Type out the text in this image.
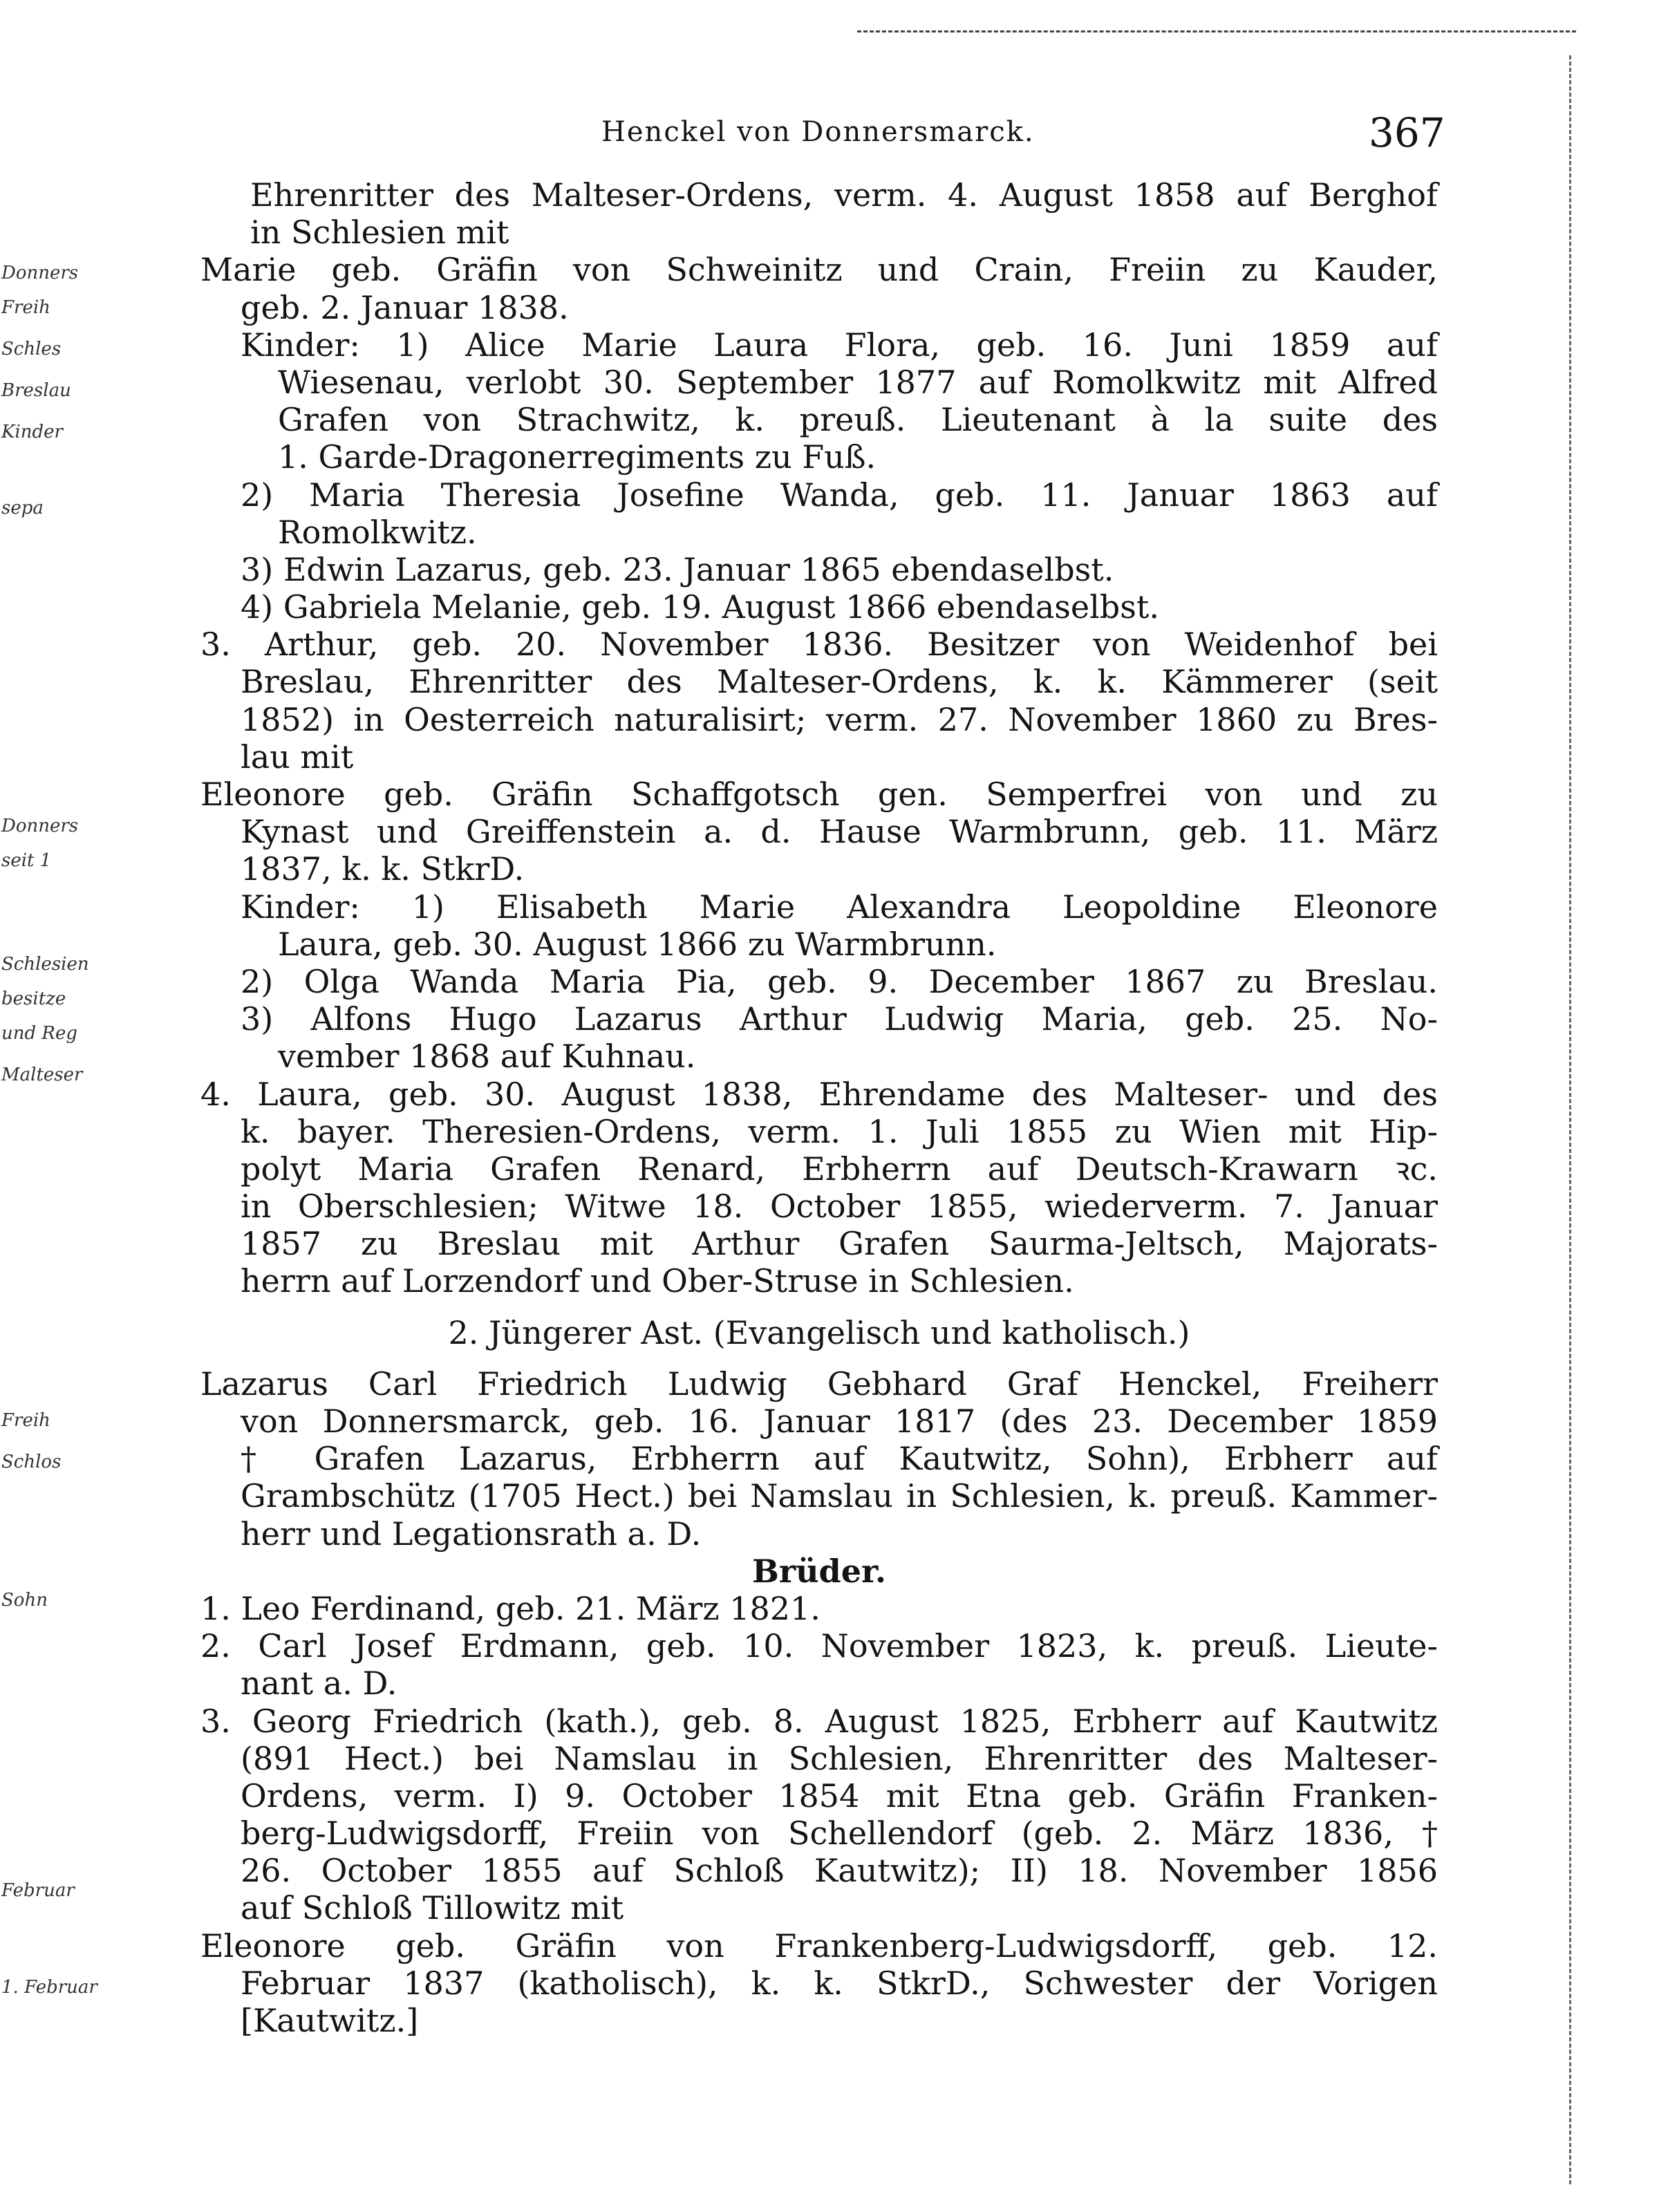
Henckel von Donnersmarck.	367
Donners
Freih
Schles
Breslau
Kinder
sepa
Donners
seit 1
Schlesien
besitze
und Reg
Malteser
Freih
Schlos
Sohn
Februar
1. Februar
Ehrenritter des Malteser-Ordens, verm. 4. August 1858 auf Berghof
in Schlesien mit
Marie geb. Gräfin von Schweinitz und Crain, Freiin zu Kauder,
geb. 2. Januar 1838.
Kinder: 1) Alice Marie Laura Flora, geb. 16. Juni 1859 auf
Wiesenau, verlobt 30. September 1877 auf Romolkwitz mit Alfred
Grafen von Strachwitz, k. preuß. Lieutenant à la suite des
1. Garde-Dragonerregiments zu Fuß.
2) Maria Theresia Josefine Wanda, geb. 11. Januar 1863 auf
Romolkwitz.
3) Edwin Lazarus, geb. 23. Januar 1865 ebendaselbst.
4) Gabriela Melanie, geb. 19. August 1866 ebendaselbst.
3. Arthur, geb. 20. November 1836. Besitzer von Weidenhof bei
Breslau, Ehrenritter des Malteser-Ordens, k. k. Kämmerer (seit
1852) in Oesterreich naturalisirt; verm. 27. November 1860 zu Bres-
lau mit
Eleonore geb. Gräfin Schaffgotsch gen. Semperfrei von und zu
Kynast und Greiffenstein a. d. Hause Warmbrunn, geb. 11. März
1837, k. k. StkrD.
Kinder: 1) Elisabeth Marie Alexandra Leopoldine Eleonore
Laura, geb. 30. August 1866 zu Warmbrunn.
2) Olga Wanda Maria Pia, geb. 9. December 1867 zu Breslau.
3) Alfons Hugo Lazarus Arthur Ludwig Maria, geb. 25. No-
vember 1868 auf Kuhnau.
4. Laura, geb. 30. August 1838, Ehrendame des Malteser- und des
k. bayer. Theresien-Ordens, verm. 1. Juli 1855 zu Wien mit Hip-
polyt Maria Grafen Renard, Erbherrn auf Deutsch-Krawarn ꝛc.
in Oberschlesien; Witwe 18. October 1855, wiederverm. 7. Januar
1857 zu Breslau mit Arthur Grafen Saurma-Jeltsch, Majorats-
herrn auf Lorzendorf und Ober-Struse in Schlesien.
2. Jüngerer Ast. (Evangelisch und katholisch.)
Lazarus Carl Friedrich Ludwig Gebhard Graf Henckel, Freiherr
von Donnersmarck, geb. 16. Januar 1817 (des 23. December 1859
† Grafen Lazarus, Erbherrn auf Kautwitz, Sohn), Erbherr auf
Grambschütz (1705 Hect.) bei Namslau in Schlesien, k. preuß. Kammer-
herr und Legationsrath a. D.
Brüder.
1. Leo Ferdinand, geb. 21. März 1821.
2. Carl Josef Erdmann, geb. 10. November 1823, k. preuß. Lieute-
nant a. D.
3. Georg Friedrich (kath.), geb. 8. August 1825, Erbherr auf Kautwitz
(891 Hect.) bei Namslau in Schlesien, Ehrenritter des Malteser-
Ordens, verm. I) 9. October 1854 mit Etna geb. Gräfin Franken-
berg-Ludwigsdorff, Freiin von Schellendorf (geb. 2. März 1836, †
26. October 1855 auf Schloß Kautwitz); II) 18. November 1856
auf Schloß Tillowitz mit
Eleonore geb. Gräfin von Frankenberg-Ludwigsdorff, geb. 12.
Februar 1837 (katholisch), k. k. StkrD., Schwester der Vorigen
[Kautwitz.]
